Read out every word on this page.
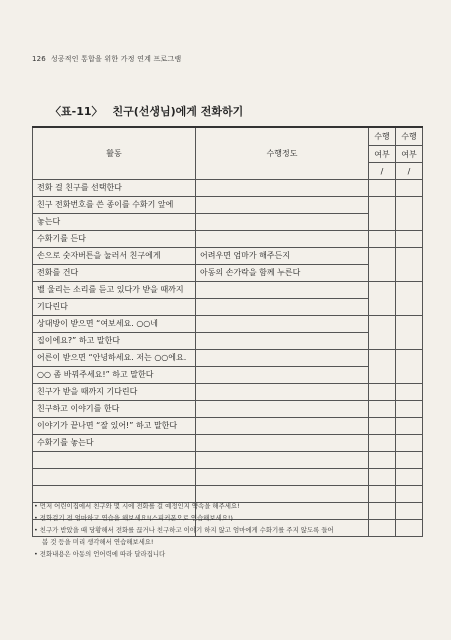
126 성공적인 통합을 위한 가정 연계 프로그램
〈표-11〉 친구(선생님)에게 전화하기
활동	수행정도	수행	수행
		여부	여부
		/	/
전화 걸 친구를 선택한다			
친구 전화번호를 쓴 종이를 수화기 앞에			
놓는다			
수화기를 든다			
손으로 숫자버튼을 눌러서 친구에게	어려우면 엄마가 해주든지		
전화를 건다	아동의 손가락을 함께 누른다		
벨 울리는 소리를 듣고 있다가 받을 때까지			
기다린다			
상대방이 받으면 “여보세요. ○○네			
집이에요?” 하고 말한다			
어른이 받으면 “안녕하세요. 저는 ○○에요.			
○○ 좀 바꿔주세요!” 하고 말한다			
친구가 받을 때까지 기다린다			
친구하고 이야기를 한다			
이야기가 끝나면 “잘 있어!” 하고 말한다			
수화기를 놓는다			

• 먼저 어린이집에서 친구와 몇 시에 전화를 걸 예정인지 약속을 해주세요!
• 전화걸기 전 엄마하고 연습을 해보세요!(스피커폰으로 연습해보세요!)
• 친구가 받았을 때 당황해서 전화를 끊거나 친구하고 이야기 하지 않고 엄마에게 수화기를 주지 않도록 들어
봅 것 등을 미리 생각해서 연습해보세요!
• 전화내용은 아동의 언어력에 따라 달라집니다
